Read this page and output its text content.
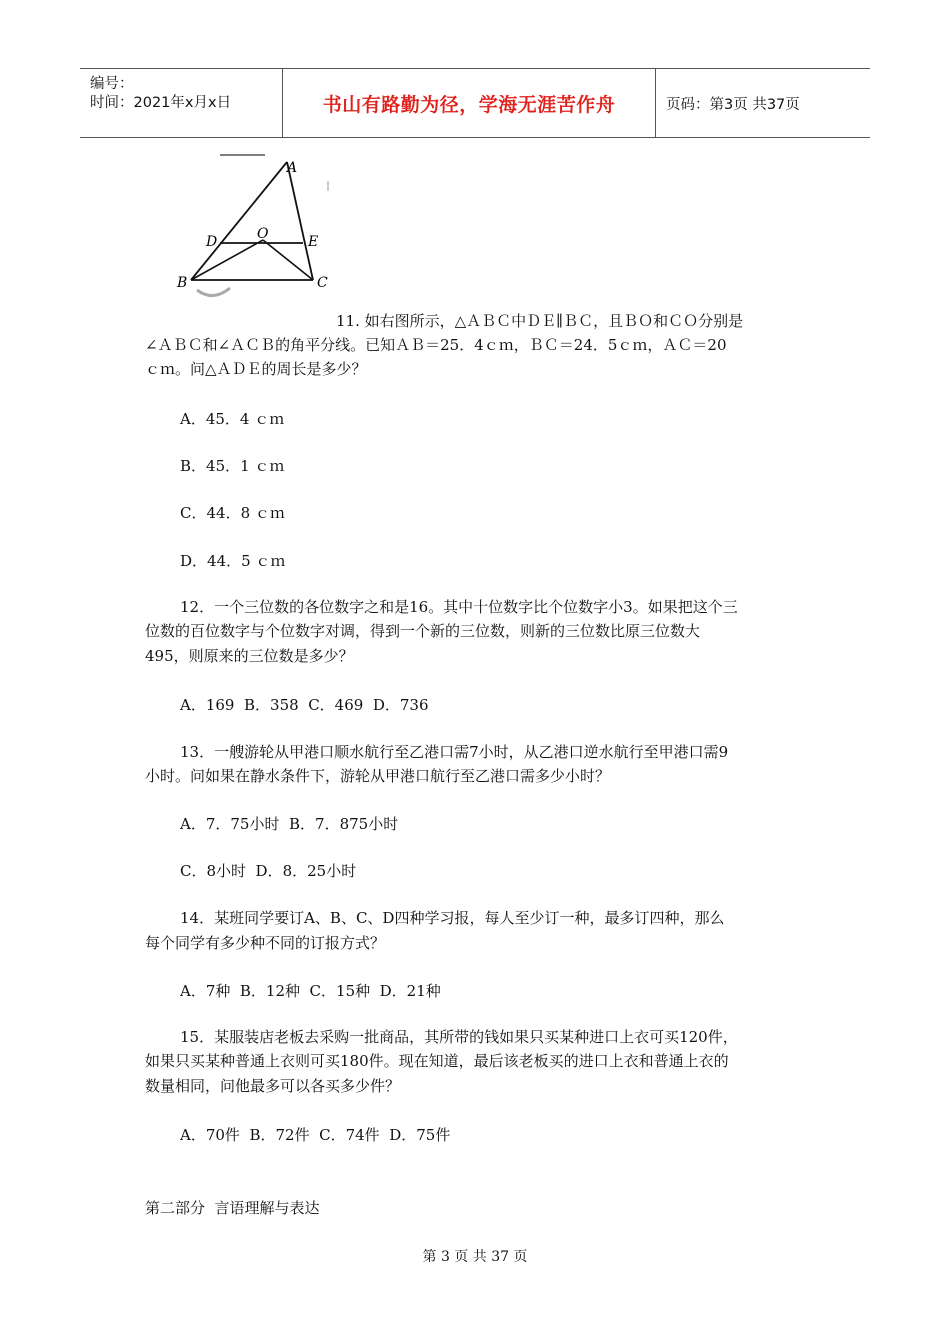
编号：
时间：2021年x月x日	书山有路勤为径，学海无涯苦作舟	页码：第3页 共37页
A
D	O	E
B	C
11. 如右图所示，△ＡＢＣ中ＤＥ∥ＢＣ，且ＢＯ和ＣＯ分别是
∠ＡＢＣ和∠ＡＣＢ的角平分线。已知ＡＢ＝25．4ｃｍ，ＢＣ＝24．5ｃｍ，ＡＣ＝20
ｃｍ。问△ＡＤＥ的周长是多少？
A．45．4 ｃｍ
B．45．1 ｃｍ
C．44．8 ｃｍ
D．44．5 ｃｍ
12．一个三位数的各位数字之和是16。其中十位数字比个位数字小3。如果把这个三
位数的百位数字与个位数字对调，得到一个新的三位数，则新的三位数比原三位数大
495，则原来的三位数是多少？
A．169  B．358  C．469  D．736
13．一艘游轮从甲港口顺水航行至乙港口需7小时，从乙港口逆水航行至甲港口需9
小时。问如果在静水条件下，游轮从甲港口航行至乙港口需多少小时？
A．7．75小时  B．7．875小时
C．8小时  D．8．25小时
14．某班同学要订A、B、C、D四种学习报，每人至少订一种，最多订四种，那么
每个同学有多少种不同的订报方式？
A．7种  B．12种  C．15种  D．21种
15．某服装店老板去采购一批商品，其所带的钱如果只买某种进口上衣可买120件，
如果只买某种普通上衣则可买180件。现在知道，最后该老板买的进口上衣和普通上衣的
数量相同，问他最多可以各买多少件？
A．70件  B．72件  C．74件  D．75件
第二部分  言语理解与表达
第 3 页 共 37 页
